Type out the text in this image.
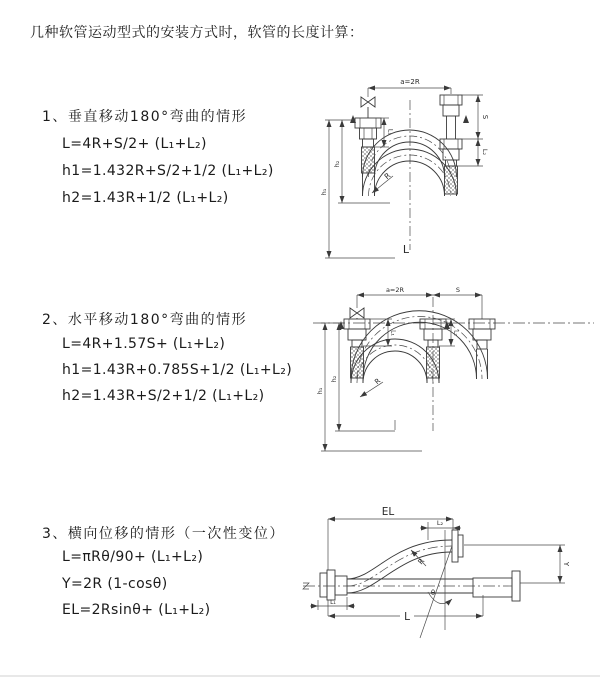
几种软管运动型式的安装方式时，软管的长度计算：
1、垂直移动180°弯曲的情形
L=4R+S/2+ (L₁+L₂)
h1=1.432R+S/2+1/2 (L₁+L₂)
h2=1.43R+1/2 (L₁+L₂)
2、水平移动180°弯曲的情形
L=4R+1.57S+ (L₁+L₂)
h1=1.43R+0.785S+1/2 (L₁+L₂)
h2=1.43R+S/2+1/2 (L₁+L₂)
3、横向位移的情形（一次性变位）
L=πRθ/90+ (L₁+L₂)
Y=2R (1-cosθ)
EL=2Rsinθ+ (L₁+L₂)
a=2R
R
L₁
S
L₂
h₁
h₂
L
a=2R	S
R
L₁	L₂
h₁
h₂
EL
L₂
θ
R	Y
L
L₁
